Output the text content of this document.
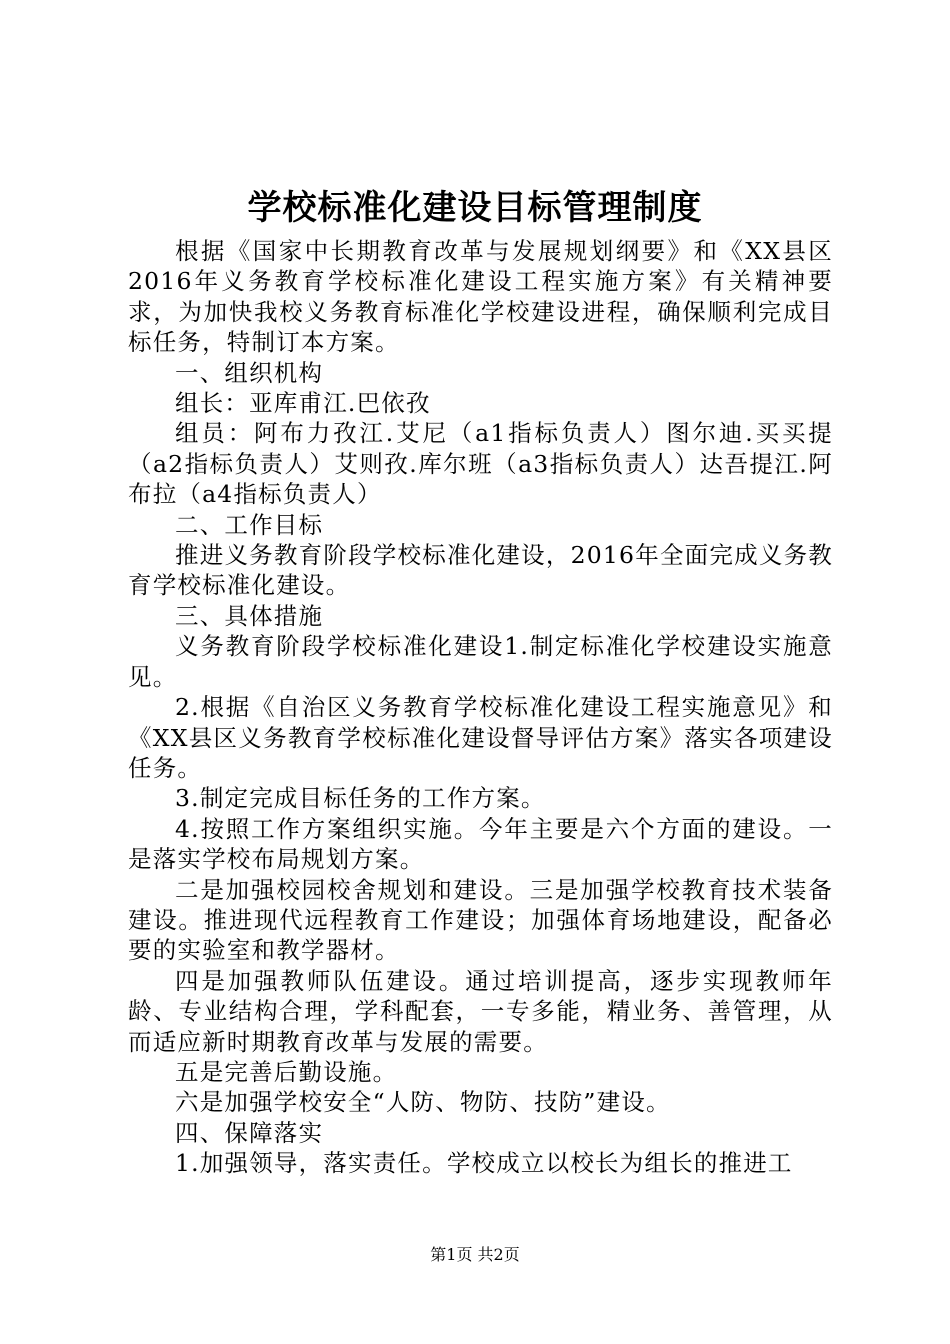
学校标准化建设目标管理制度

根据《国家中长期教育改革与发展规划纲要》和《XX县区2016年义务教育学校标准化建设工程实施方案》有关精神要求，为加快我校义务教育标准化学校建设进程，确保顺利完成目标任务，特制订本方案。

一、组织机构

组长：亚库甫江.巴依孜

组员：阿布力孜江.艾尼（a1指标负责人）图尔迪.买买提（a2指标负责人）艾则孜.库尔班（a3指标负责人）达吾提江.阿布拉（a4指标负责人）

二、工作目标

推进义务教育阶段学校标准化建设，2016年全面完成义务教育学校标准化建设。

三、具体措施

义务教育阶段学校标准化建设1.制定标准化学校建设实施意见。

2.根据《自治区义务教育学校标准化建设工程实施意见》和《XX县区义务教育学校标准化建设督导评估方案》落实各项建设任务。

3.制定完成目标任务的工作方案。

4.按照工作方案组织实施。今年主要是六个方面的建设。一是落实学校布局规划方案。

二是加强校园校舍规划和建设。三是加强学校教育技术装备建设。推进现代远程教育工作建设；加强体育场地建设，配备必要的实验室和教学器材。

四是加强教师队伍建设。通过培训提高，逐步实现教师年龄、专业结构合理，学科配套，一专多能，精业务、善管理，从而适应新时期教育改革与发展的需要。

五是完善后勤设施。

六是加强学校安全“人防、物防、技防”建设。

四、保障落实

1.加强领导，落实责任。学校成立以校长为组长的推进工

第1页 共2页
